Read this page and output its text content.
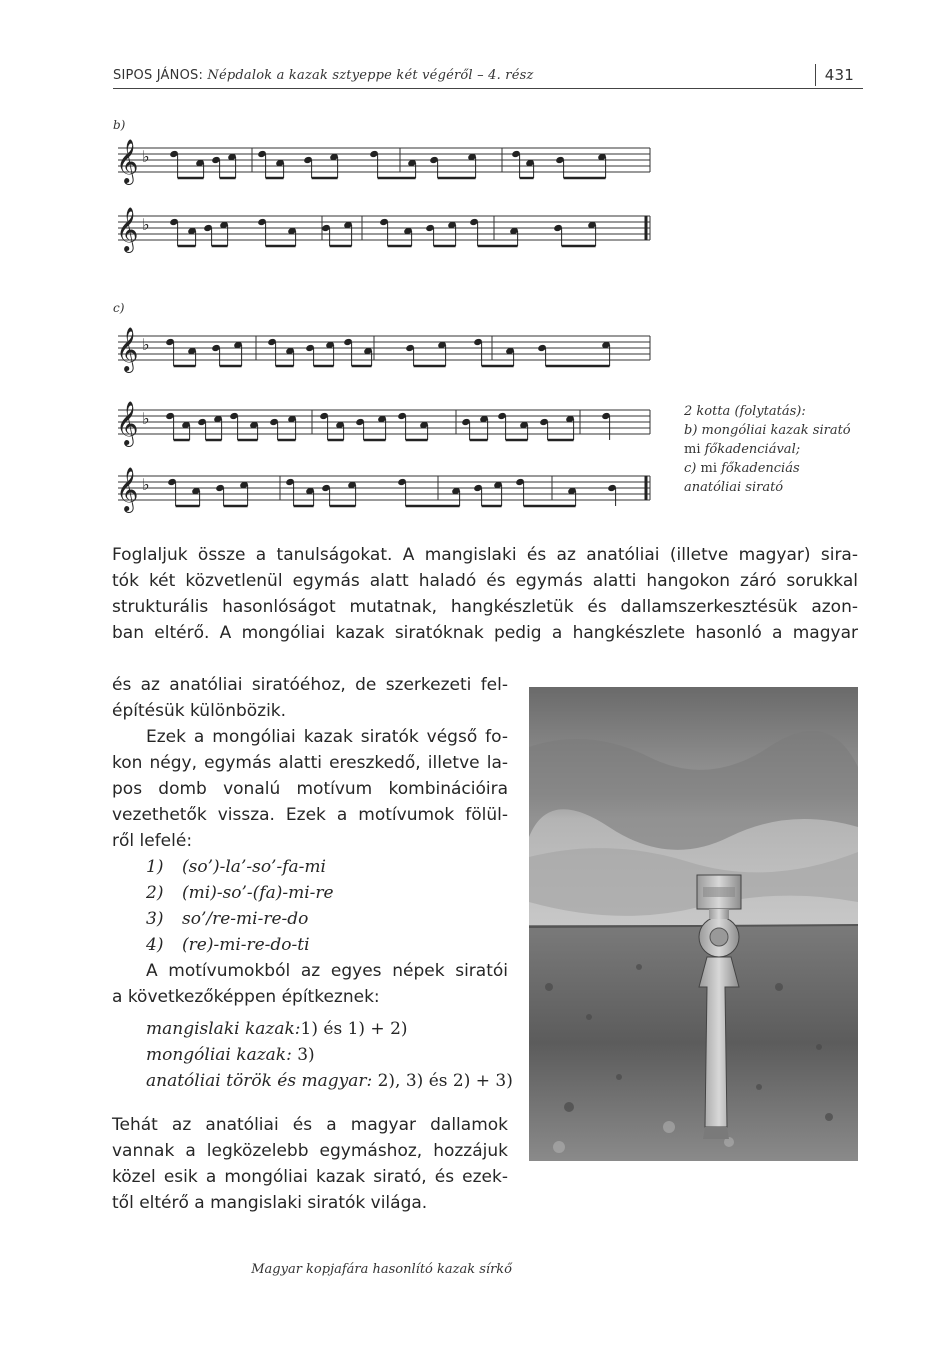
SIPOS JÁNOS: Népdalok a kazak sztyeppe két végéről – 4. rész	431
b)
c)
𝄞 ♭
𝄞 ♭
𝄞 ♭
𝄞 ♭
𝄞 ♭
2 kotta (folytatás):
b) mongóliai kazak sirató
mi főkadenciával;
c) mi főkadenciás
anatóliai sirató
Foglaljuk össze a tanulságokat. A mangislaki és az anatóliai (illetve magyar) sira-
tók két közvetlenül egymás alatt haladó és egymás alatti hangokon záró sorukkal
strukturális hasonlóságot mutatnak, hangkészletük és dallamszerkesztésük azon-
ban eltérő. A mongóliai kazak siratóknak pedig a hangkészlete hasonló a magyar
és az anatóliai siratóéhoz, de szerkezeti fel-
építésük különbözik.
Ezek a mongóliai kazak siratók végső fo-
kon négy, egymás alatti ereszkedő, illetve la-
pos domb vonalú motívum kombinációira
vezethetők vissza. Ezek a motívumok fölül-
ről lefelé:
1) (so’)-la’-so’-fa-mi
2) (mi)-so’-(fa)-mi-re
3) so’/re-mi-re-do
4) (re)-mi-re-do-ti
A motívumokból az egyes népek siratói
a következőképpen építkeznek:
mangislaki kazak:1) és 1) + 2)
mongóliai kazak: 3)
anatóliai török és magyar: 2), 3) és 2) + 3)
Tehát az anatóliai és a magyar dallamok
vannak a legközelebb egymáshoz, hozzájuk
közel esik a mongóliai kazak sirató, és ezek-
től eltérő a mangislaki siratók világa.
Magyar kopjafára hasonlító kazak sírkő
